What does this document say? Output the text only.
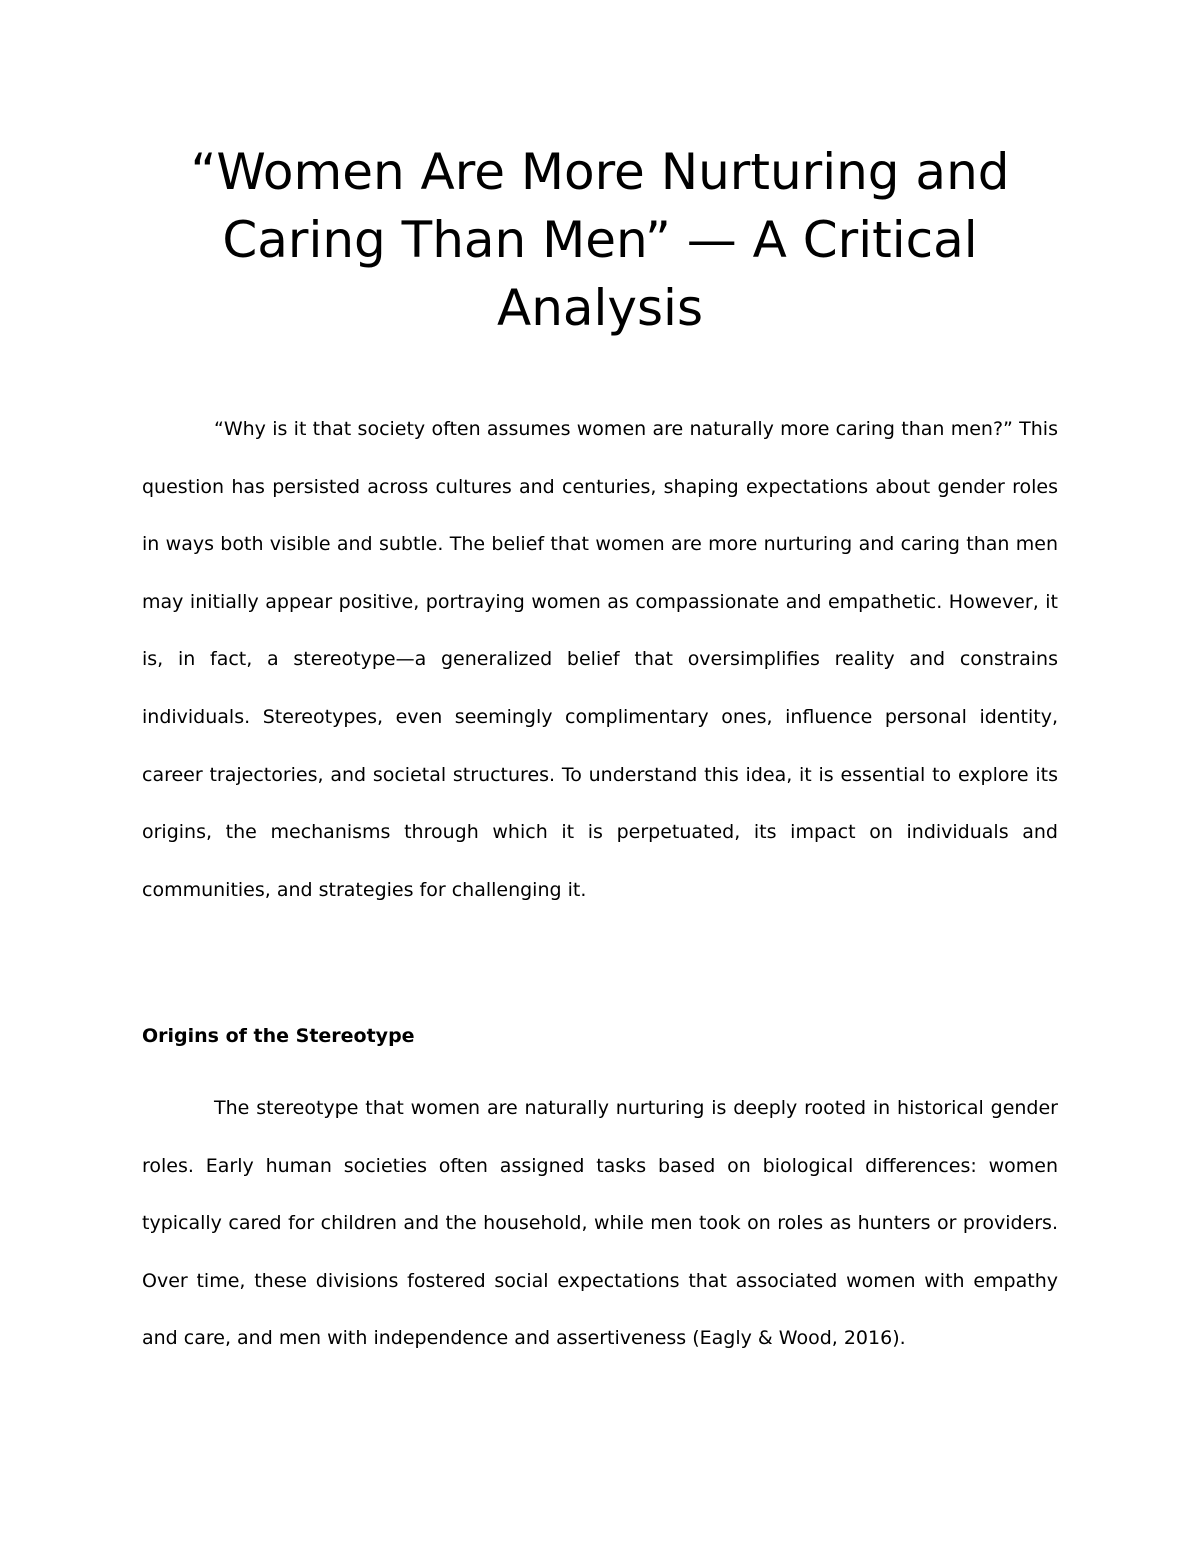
“Women Are More Nurturing and Caring Than Men” — A Critical Analysis

“Why is it that society often assumes women are naturally more caring than men?” This question has persisted across cultures and centuries, shaping expectations about gender roles in ways both visible and subtle. The belief that women are more nurturing and caring than men may initially appear positive, portraying women as compassionate and empathetic. However, it is, in fact, a stereotype—a generalized belief that oversimplifies reality and constrains individuals. Stereotypes, even seemingly complimentary ones, influence personal identity, career trajectories, and societal structures. To understand this idea, it is essential to explore its origins, the mechanisms through which it is perpetuated, its impact on individuals and communities, and strategies for challenging it.

Origins of the Stereotype

The stereotype that women are naturally nurturing is deeply rooted in historical gender roles. Early human societies often assigned tasks based on biological differences: women typically cared for children and the household, while men took on roles as hunters or providers. Over time, these divisions fostered social expectations that associated women with empathy and care, and men with independence and assertiveness (Eagly & Wood, 2016).
